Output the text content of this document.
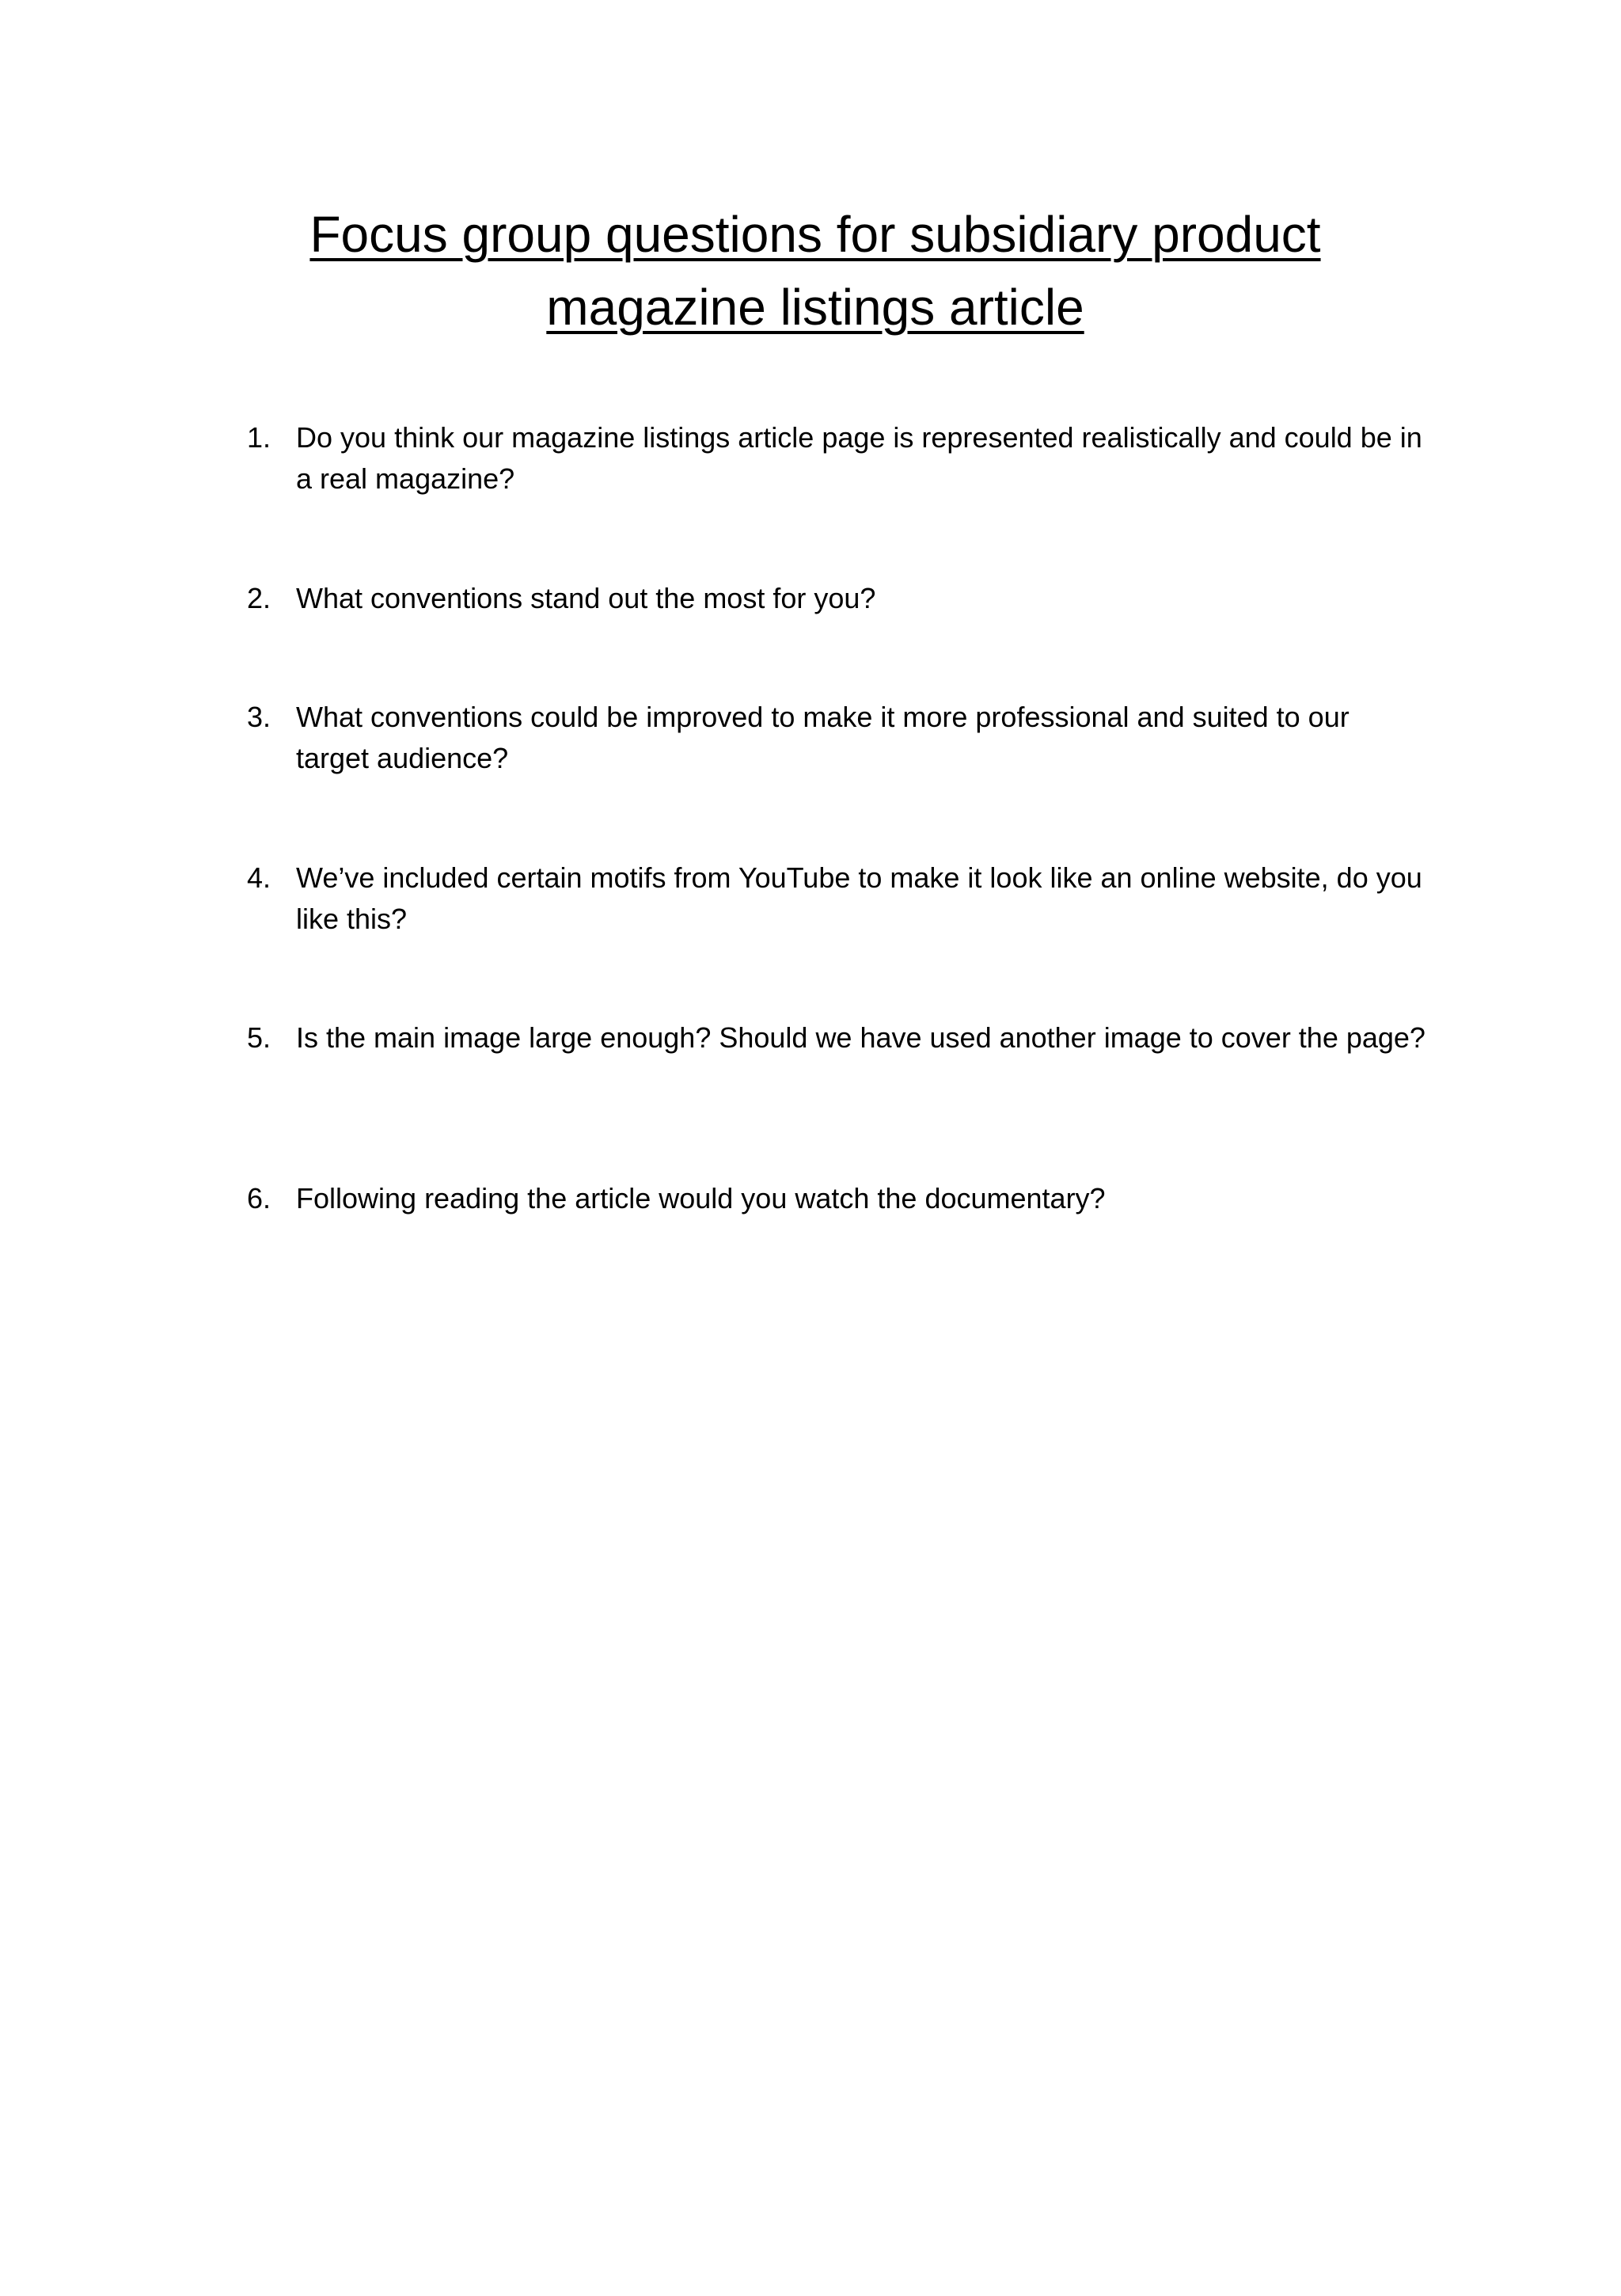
Focus group questions for subsidiary product
magazine listings article
1. Do you think our magazine listings article page is represented realistically and could be in a real magazine?
2. What conventions stand out the most for you?
3. What conventions could be improved to make it more professional and suited to our target audience?
4. We’ve included certain motifs from YouTube to make it look like an online website, do you like this?
5. Is the main image large enough? Should we have used another image to cover the page?
6. Following reading the article would you watch the documentary?
